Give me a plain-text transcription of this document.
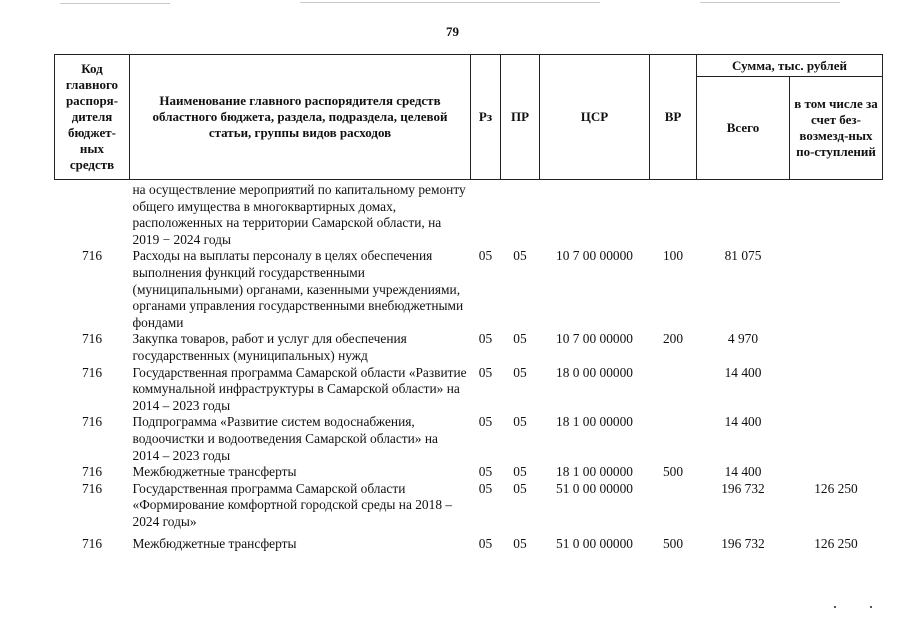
79
Код главного распоря-дителя бюджет-ных средств	Наименование главного распорядителя средств областного бюджета, раздела, подраздела, целевой статьи, группы видов расходов	Рз	ПР	ЦСР	ВР	Сумма, тыс. рублей	
						Всего	в том числе за счет без-возмезд-ных по-ступлений
	на осуществление мероприятий по капитальному ремонту общего имущества в многоквартирных домах, расположенных на территории Самарской области, на 2019 − 2024 годы						
716	Расходы на выплаты персоналу в целях обеспечения выполнения функций государственными (муниципальными) органами, казенными учреждениями, органами управления государственными внебюджетными фондами	05	05	10 7 00 00000	100	81 075	
716	Закупка товаров, работ и услуг для обеспечения государственных (муниципальных) нужд	05	05	10 7 00 00000	200	4 970	
716	Государственная программа Самарской области «Развитие коммунальной инфраструктуры в Самарской области» на 2014 – 2023 годы	05	05	18 0 00 00000		14 400	
716	Подпрограмма «Развитие систем водоснабжения, водоочистки и водоотведения Самарской области» на 2014 – 2023 годы	05	05	18 1 00 00000		14 400	
716	Межбюджетные трансферты	05	05	18 1 00 00000	500	14 400	
716	Государственная программа Самарской области «Формирование комфортной городской среды на 2018 – 2024 годы»	05	05	51 0 00 00000		196 732	126 250
716	Межбюджетные трансферты	05	05	51 0 00 00000	500	196 732	126 250
